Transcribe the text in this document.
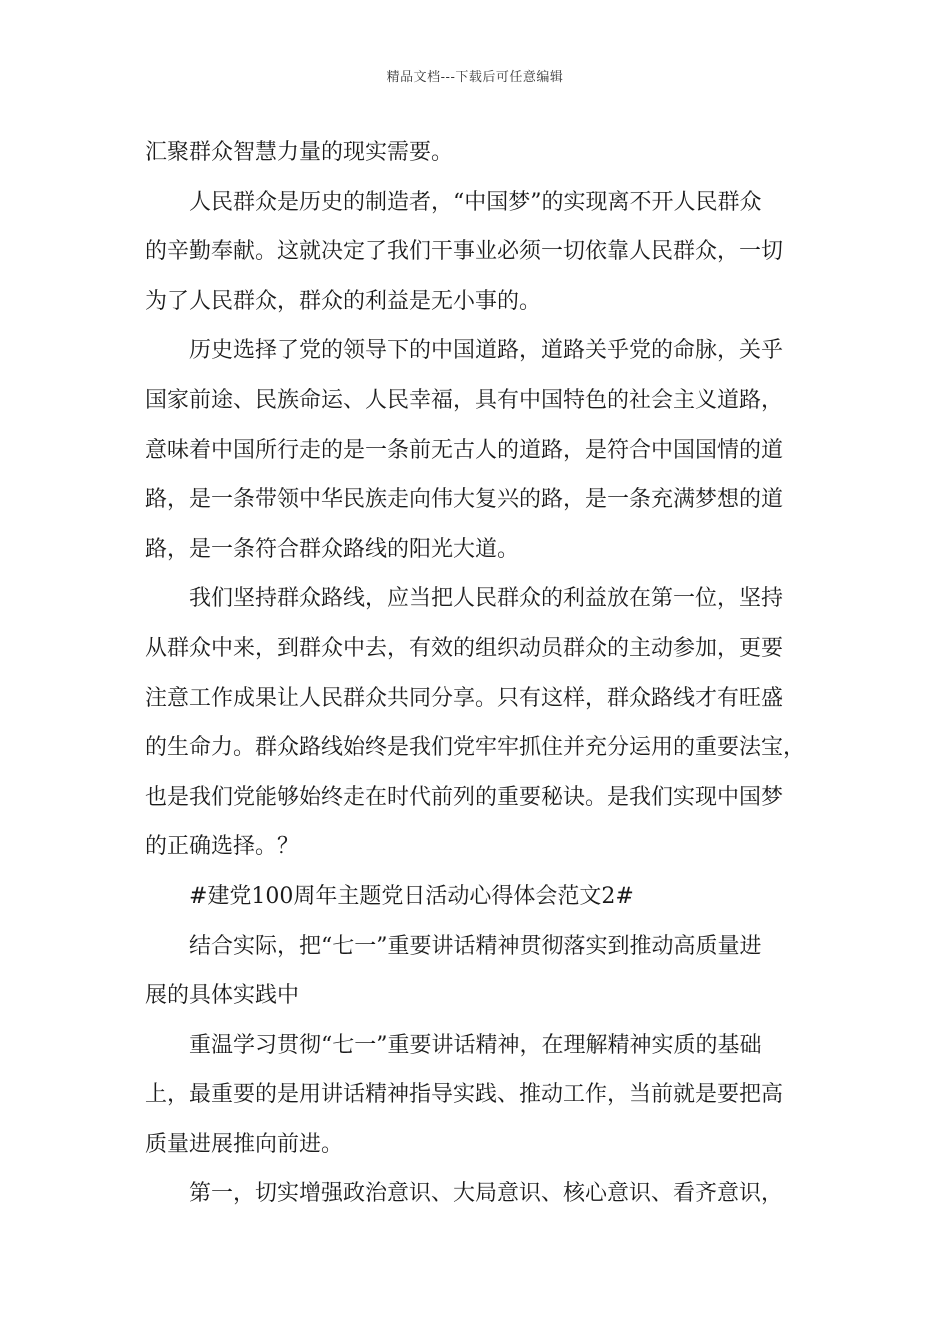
精品文档---下载后可任意编辑
汇聚群众智慧力量的现实需要。
人民群众是历史的制造者，“中国梦”的实现离不开人民群众
的辛勤奉献。这就决定了我们干事业必须一切依靠人民群众，一切
为了人民群众，群众的利益是无小事的。
历史选择了党的领导下的中国道路，道路关乎党的命脉，关乎
国家前途、民族命运、人民幸福，具有中国特色的社会主义道路，
意味着中国所行走的是一条前无古人的道路，是符合中国国情的道
路，是一条带领中华民族走向伟大复兴的路，是一条充满梦想的道
路，是一条符合群众路线的阳光大道。
我们坚持群众路线，应当把人民群众的利益放在第一位，坚持
从群众中来，到群众中去，有效的组织动员群众的主动参加，更要
注意工作成果让人民群众共同分享。只有这样，群众路线才有旺盛
的生命力。群众路线始终是我们党牢牢抓住并充分运用的重要法宝，
也是我们党能够始终走在时代前列的重要秘诀。是我们实现中国梦
的正确选择。？
#建党100周年主题党日活动心得体会范文2#
结合实际，把“七一”重要讲话精神贯彻落实到推动高质量进
展的具体实践中
重温学习贯彻“七一”重要讲话精神，在理解精神实质的基础
上，最重要的是用讲话精神指导实践、推动工作，当前就是要把高
质量进展推向前进。
第一，切实增强政治意识、大局意识、核心意识、看齐意识，
